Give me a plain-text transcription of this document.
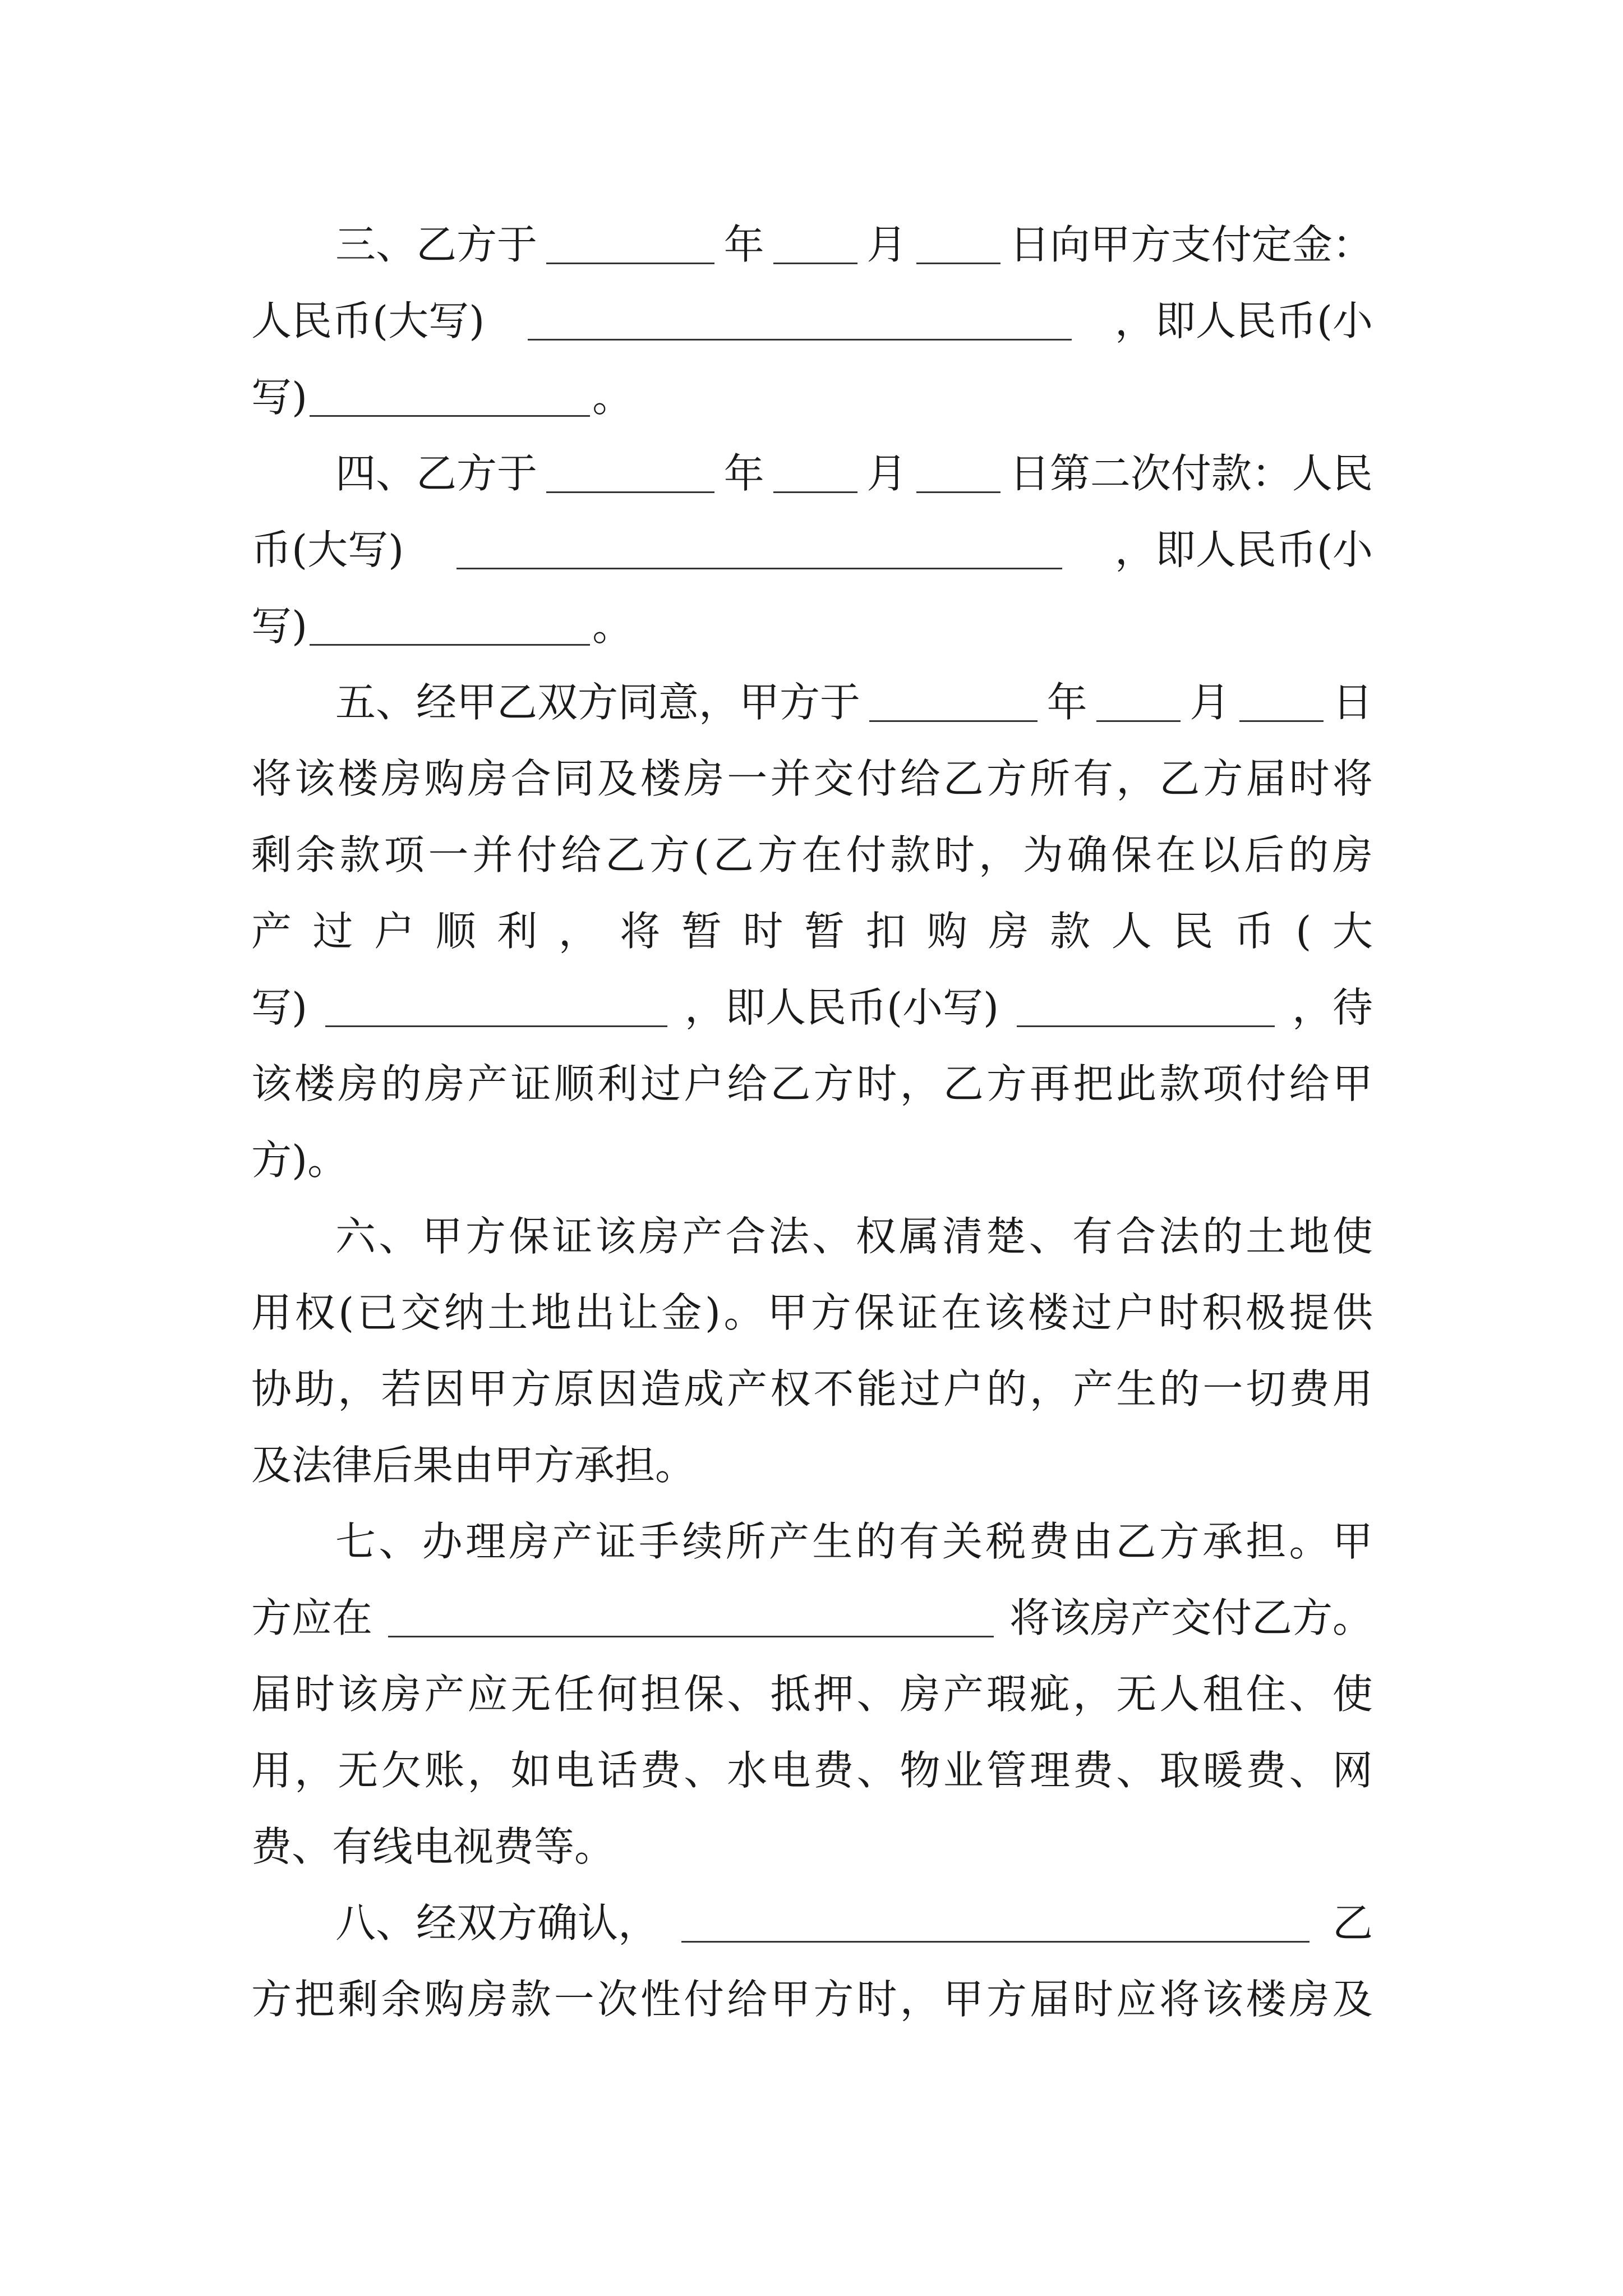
三、乙方于	年	月	日向甲方支付定金：
人民币(大写)	，即人民币(小
写)	。
四、乙方于	年	月	日第二次付款：人民
币(大写)	，即人民币(小
写)	。
五、经甲乙双方同意，甲方于	年	月	日
将 该 楼 房 购 房 合 同 及 楼 房 一 并 交 付 给 乙 方 所 有 ， 乙 方 届 时 将
剩 余 款 项 一 并 付 给 乙 方 ( 乙 方 在 付 款 时 ， 为 确 保 在 以 后 的 房
产 过 户 顺 利 ， 将 暂 时 暂 扣 购 房 款 人 民 币 ( 大
写)	，即人民币(小写)	，待
该 楼 房 的 房 产 证 顺 利 过 户 给 乙 方 时 ， 乙 方 再 把 此 款 项 付 给 甲
方)。
六 、 甲 方 保 证 该 房 产 合 法 、 权 属 清 楚 、 有 合 法 的 土 地 使
用 权 ( 已 交 纳 土 地 出 让 金 ) 。 甲 方 保 证 在 该 楼 过 户 时 积 极 提 供
协 助 ， 若 因 甲 方 原 因 造 成 产 权 不 能 过 户 的 ， 产 生 的 一 切 费 用
及法律后果由甲方承担。
七 、 办 理 房 产 证 手 续 所 产 生 的 有 关 税 费 由 乙 方 承 担 。 甲
方应在	将该房产交付乙方。
届 时 该 房 产 应 无 任 何 担 保 、 抵 押 、 房 产 瑕 疵 ， 无 人 租 住 、 使
用 ， 无 欠 账 ， 如 电 话 费 、 水 电 费 、 物 业 管 理 费 、 取 暖 费 、 网
费、有线电视费等。
八、经双方确认，	乙
方 把 剩 余 购 房 款 一 次 性 付 给 甲 方 时 ， 甲 方 届 时 应 将 该 楼 房 及
